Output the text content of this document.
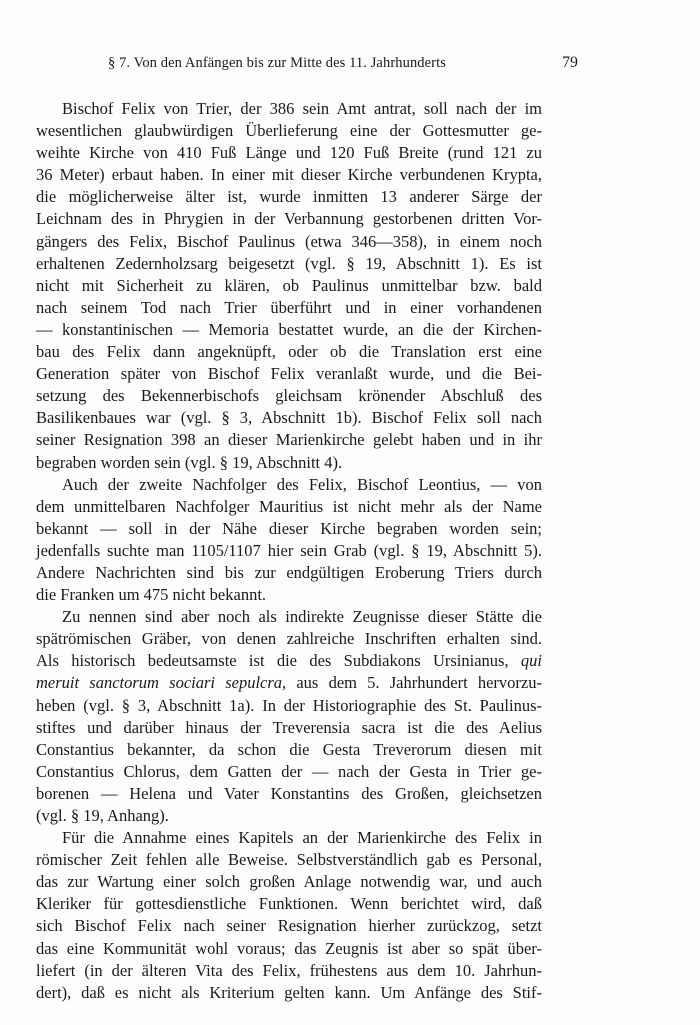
§ 7. Von den Anfängen bis zur Mitte des 11. Jahrhunderts	79
Bischof Felix von Trier, der 386 sein Amt antrat, soll nach der im
wesentlichen glaubwürdigen Überlieferung eine der Gottesmutter ge-
weihte Kirche von 410 Fuß Länge und 120 Fuß Breite (rund 121 zu
36 Meter) erbaut haben. In einer mit dieser Kirche verbundenen Krypta,
die möglicherweise älter ist, wurde inmitten 13 anderer Särge der
Leichnam des in Phrygien in der Verbannung gestorbenen dritten Vor-
gängers des Felix, Bischof Paulinus (etwa 346—358), in einem noch
erhaltenen Zedernholzsarg beigesetzt (vgl. § 19, Abschnitt 1). Es ist
nicht mit Sicherheit zu klären, ob Paulinus unmittelbar bzw. bald
nach seinem Tod nach Trier überführt und in einer vorhandenen
— konstantinischen — Memoria bestattet wurde, an die der Kirchen-
bau des Felix dann angeknüpft, oder ob die Translation erst eine
Generation später von Bischof Felix veranlaßt wurde, und die Bei-
setzung des Bekennerbischofs gleichsam krönender Abschluß des
Basilikenbaues war (vgl. § 3, Abschnitt 1b). Bischof Felix soll nach
seiner Resignation 398 an dieser Marienkirche gelebt haben und in ihr
begraben worden sein (vgl. § 19, Abschnitt 4).
Auch der zweite Nachfolger des Felix, Bischof Leontius, — von
dem unmittelbaren Nachfolger Mauritius ist nicht mehr als der Name
bekannt — soll in der Nähe dieser Kirche begraben worden sein;
jedenfalls suchte man 1105/1107 hier sein Grab (vgl. § 19, Abschnitt 5).
Andere Nachrichten sind bis zur endgültigen Eroberung Triers durch
die Franken um 475 nicht bekannt.
Zu nennen sind aber noch als indirekte Zeugnisse dieser Stätte die
spätrömischen Gräber, von denen zahlreiche Inschriften erhalten sind.
Als historisch bedeutsamste ist die des Subdiakons Ursinianus, qui
meruit sanctorum sociari sepulcra, aus dem 5. Jahrhundert hervorzu-
heben (vgl. § 3, Abschnitt 1a). In der Historiographie des St. Paulinus-
stiftes und darüber hinaus der Treverensia sacra ist die des Aelius
Constantius bekannter, da schon die Gesta Treverorum diesen mit
Constantius Chlorus, dem Gatten der — nach der Gesta in Trier ge-
borenen — Helena und Vater Konstantins des Großen, gleichsetzen
(vgl. § 19, Anhang).
Für die Annahme eines Kapitels an der Marienkirche des Felix in
römischer Zeit fehlen alle Beweise. Selbstverständlich gab es Personal,
das zur Wartung einer solch großen Anlage notwendig war, und auch
Kleriker für gottesdienstliche Funktionen. Wenn berichtet wird, daß
sich Bischof Felix nach seiner Resignation hierher zurückzog, setzt
das eine Kommunität wohl voraus; das Zeugnis ist aber so spät über-
liefert (in der älteren Vita des Felix, frühestens aus dem 10. Jahrhun-
dert), daß es nicht als Kriterium gelten kann. Um Anfänge des Stif-
